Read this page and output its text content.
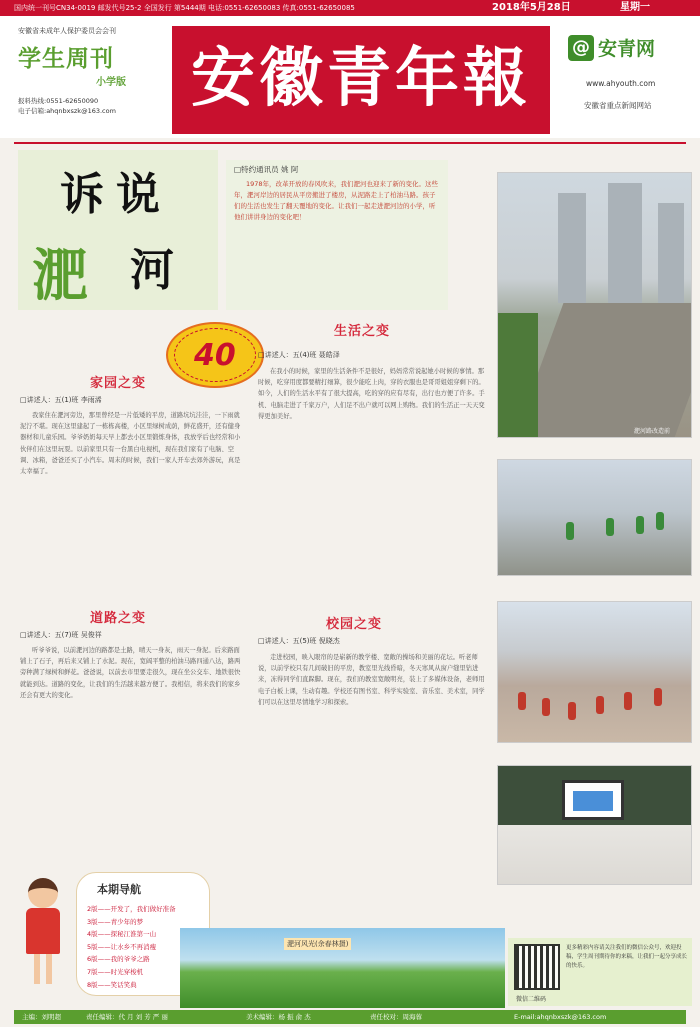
国内统一刊号CN34-0019 邮发代号25-2 全国发行 第5444期 电话:0551-62650083 传真:0551-62650085	2018年5月28日	星期一
安徽省未成年人保护委员会会刊
学生周刊
小学版
报料热线:0551-62650090
电子信箱:ahqnbxszk@163.com	安徽青年報	@ 安青网
www.ahyouth.com
安徽省重点新闻网站
诉 说
淝 河
□特约通讯员 姚 阿
1978年，改革开放的春风吹来，我们淝河也迎来了新的变化。这些年，淝河岸边的居民从平房搬进了楼房，从泥路走上了柏油马路。孩子们的生活也发生了翻天覆地的变化。让我们一起走进淝河边的小学，听他们讲讲身边的变化吧！
40
家园之变
□讲述人：五(1)班 李雨浠
我家住在淝河旁边，那里曾经是一片低矮的平房，道路坑坑洼洼，一下雨就泥泞不堪。现在这里建起了一栋栋高楼，小区里绿树成荫，鲜花盛开，还有健身器材和儿童乐园。爷爷奶奶每天早上都去小区里锻炼身体，我放学后也经常和小伙伴们在这里玩耍。以前家里只有一台黑白电视机，现在我们家有了电脑、空调、冰箱，爸爸还买了小汽车。周末的时候，我们一家人开车去郊外游玩，真是太幸福了。
道路之变
□讲述人：五(7)班 吴俊祥
听爷爷说，以前淝河边的路都是土路，晴天一身灰，雨天一身泥。后来路面铺上了石子，再后来又铺上了水泥。现在，宽阔平整的柏油马路四通八达，路两旁种满了绿树和鲜花。爸爸说，以前去市里要走很久，现在坐公交车、地铁很快就能到达。道路的变化，让我们的生活越来越方便了。我相信，将来我们的家乡还会有更大的变化。
生活之变
□讲述人：五(4)班 聂皓泽
在我小的时候，家里的生活条件不是很好，妈妈常常说起她小时候的事情。那时候，吃穿用度都要精打细算，很少能吃上肉，穿的衣服也是哥哥姐姐穿剩下的。如今，人们的生活水平有了很大提高，吃的穿的应有尽有，出行也方便了许多。手机、电脑走进了千家万户，人们足不出户就可以网上购物。我们的生活正一天天变得更加美好。
校园之变
□讲述人：五(5)班 倪晓杰
走进校园，映入眼帘的是崭新的教学楼、宽敞的操场和美丽的花坛。听老师说，以前学校只有几间破旧的平房，教室里光线昏暗，冬天寒风从窗户缝里钻进来，冻得同学们直跺脚。现在，我们的教室宽敞明亮，装上了多媒体设备，老师用电子白板上课，生动有趣。学校还有图书室、科学实验室、音乐室、美术室，同学们可以在这里尽情地学习和探索。
淝河路改造前
本期导航
2版——开发了，我们做好准备
3版——青少年的梦
4版——探秘江淮第一山
5版——让水乡不再消瘦
6版——我的爷爷之路
7版——时光穿梭机
8版——笑话笑典
淝河风光(余春林摄)
微信二维码
更多精彩内容请关注我们的微信公众号，欢迎投稿，学生周刊期待你的来稿，让我们一起分享成长的快乐。
主编：刘明超	责任编辑：代 月 刘 芳 严 丽	美术编辑：杨 振 俞 杰	责任校对：周海蓉	E-mail:ahqnbxszk@163.com
